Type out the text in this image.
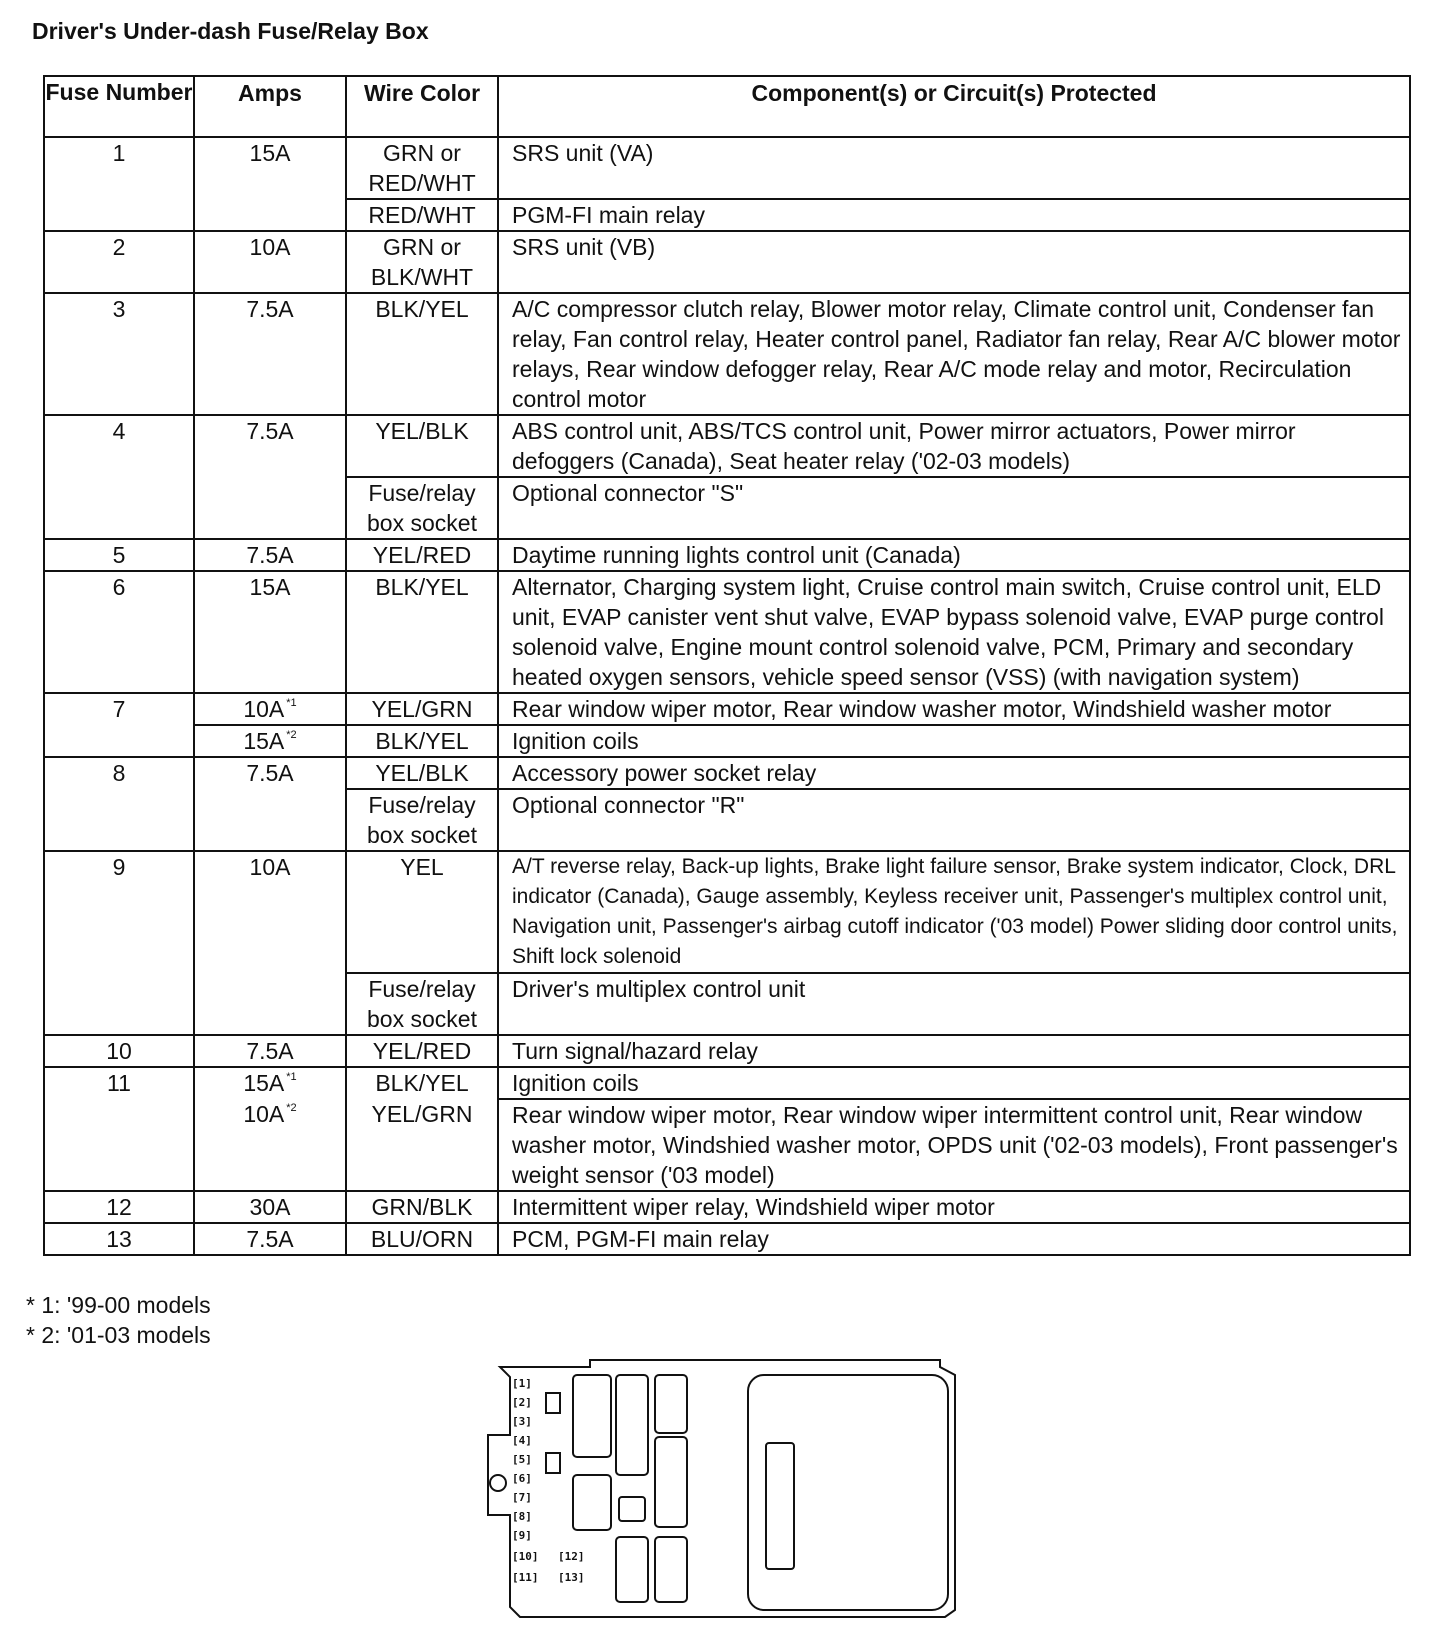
Driver's Under-dash Fuse/Relay Box
Fuse Number	Amps	Wire Color	Component(s) or Circuit(s) Protected
1	15A	GRN or RED/WHT	SRS unit (VA)
		RED/WHT	PGM-FI main relay
2	10A	GRN or BLK/WHT	SRS unit (VB)
3	7.5A	BLK/YEL	A/C compressor clutch relay, Blower motor relay, Climate control unit, Condenser fan relay, Fan control relay, Heater control panel, Radiator fan relay, Rear A/C blower motor relays, Rear window defogger relay, Rear A/C mode relay and motor, Recirculation control motor
4	7.5A	YEL/BLK	ABS control unit, ABS/TCS control unit, Power mirror actuators, Power mirror defoggers (Canada), Seat heater relay ('02-03 models)
		Fuse/relay box socket	Optional connector "S"
5	7.5A	YEL/RED	Daytime running lights control unit (Canada)
6	15A	BLK/YEL	Alternator, Charging system light, Cruise control main switch, Cruise control unit, ELD unit, EVAP canister vent shut valve, EVAP bypass solenoid valve, EVAP purge control solenoid valve, Engine mount control solenoid valve, PCM, Primary and secondary heated oxygen sensors, vehicle speed sensor (VSS) (with navigation system)
7	10A $^{*1}$	YEL/GRN	Rear window wiper motor, Rear window washer motor, Windshield washer motor
	15A $^{*2}$	BLK/YEL	Ignition coils
8	7.5A	YEL/BLK	Accessory power socket relay
		Fuse/relay box socket	Optional connector "R"
9	10A	YEL	A/T reverse relay, Back-up lights, Brake light failure sensor, Brake system indicator, Clock, DRL indicator (Canada), Gauge assembly, Keyless receiver unit, Passenger's multiplex control unit, Navigation unit, Passenger's airbag cutoff indicator ('03 model) Power sliding door control units, Shift lock solenoid
		Fuse/relay box socket	Driver's multiplex control unit
10	7.5A	YEL/RED	Turn signal/hazard relay
11	15A $^{*1}$	BLK/YEL	Ignition coils
	10A $^{*2}$	YEL/GRN	Rear window wiper motor, Rear window wiper intermittent control unit, Rear window washer motor, Windshied washer motor, OPDS unit ('02-03 models), Front passenger's weight sensor ('03 model)
12	30A	GRN/BLK	Intermittent wiper relay, Windshield wiper motor
13	7.5A	BLU/ORN	PCM, PGM-FI main relay
* 1: '99-00 models
* 2: '01-03 models
[1]
[2]
[3]
[4]
[5]
[6]
[7]
[8]
[9]
[10]
[11]
[12]
[13]
